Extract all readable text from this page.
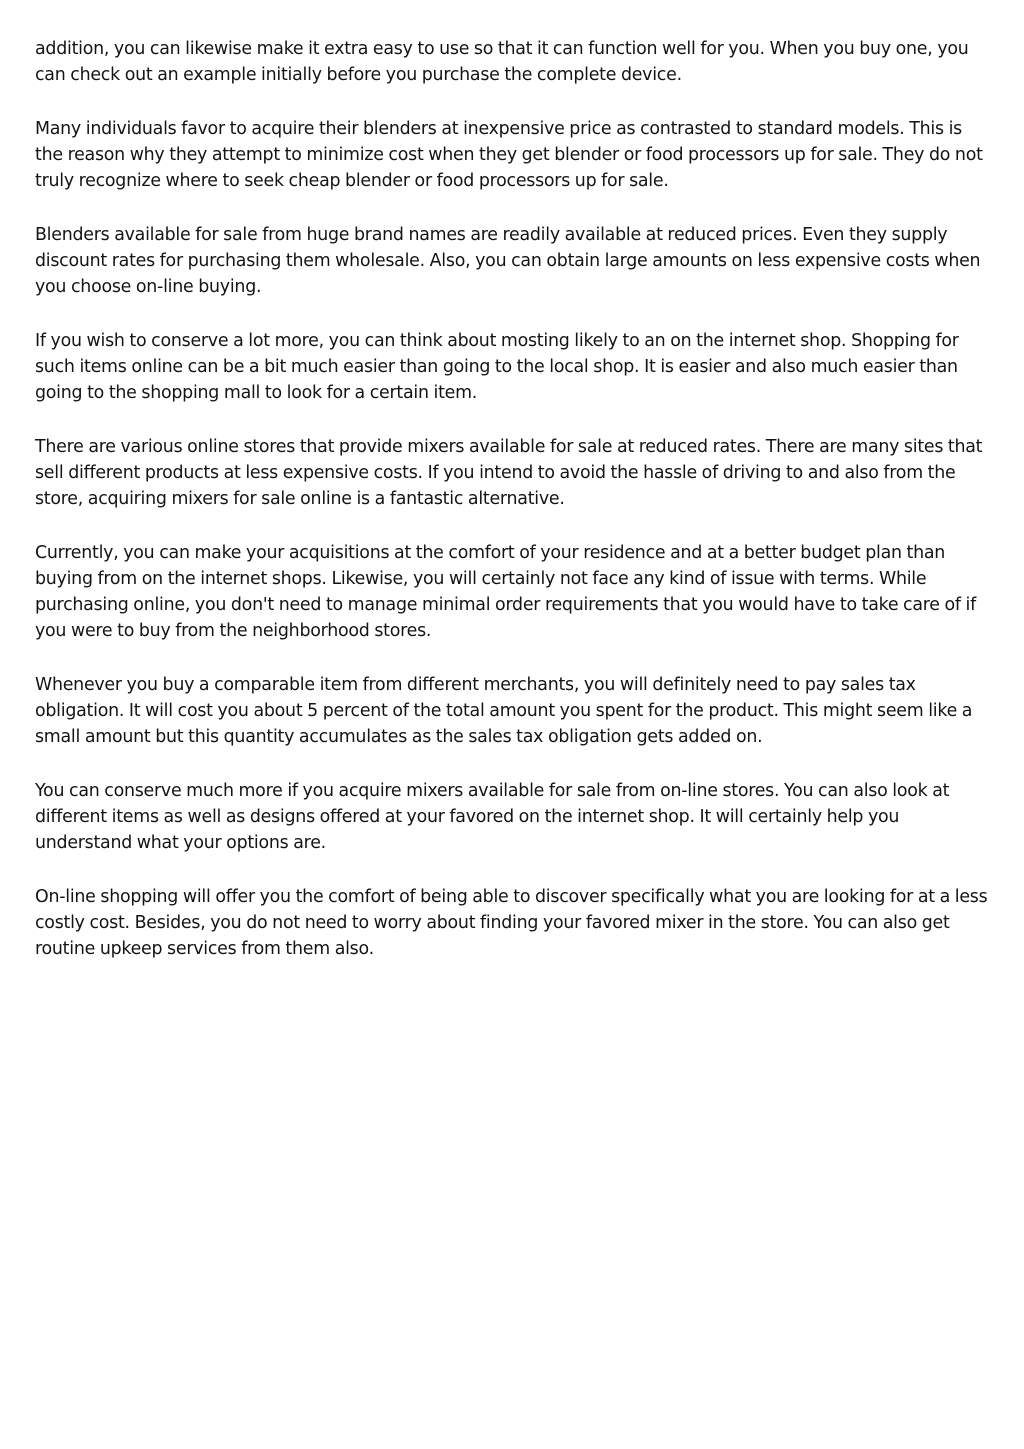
addition, you can likewise make it extra easy to use so that it can function well for you. When you buy one, you can check out an example initially before you purchase the complete device.

Many individuals favor to acquire their blenders at inexpensive price as contrasted to standard models. This is the reason why they attempt to minimize cost when they get blender or food processors up for sale. They do not truly recognize where to seek cheap blender or food processors up for sale.

Blenders available for sale from huge brand names are readily available at reduced prices. Even they supply discount rates for purchasing them wholesale. Also, you can obtain large amounts on less expensive costs when you choose on-line buying.

If you wish to conserve a lot more, you can think about mosting likely to an on the internet shop. Shopping for such items online can be a bit much easier than going to the local shop. It is easier and also much easier than going to the shopping mall to look for a certain item.

There are various online stores that provide mixers available for sale at reduced rates. There are many sites that sell different products at less expensive costs. If you intend to avoid the hassle of driving to and also from the store, acquiring mixers for sale online is a fantastic alternative.

Currently, you can make your acquisitions at the comfort of your residence and at a better budget plan than buying from on the internet shops. Likewise, you will certainly not face any kind of issue with terms. While purchasing online, you don't need to manage minimal order requirements that you would have to take care of if you were to buy from the neighborhood stores.

Whenever you buy a comparable item from different merchants, you will definitely need to pay sales tax obligation. It will cost you about 5 percent of the total amount you spent for the product. This might seem like a small amount but this quantity accumulates as the sales tax obligation gets added on.

You can conserve much more if you acquire mixers available for sale from on-line stores. You can also look at different items as well as designs offered at your favored on the internet shop. It will certainly help you understand what your options are.

On-line shopping will offer you the comfort of being able to discover specifically what you are looking for at a less costly cost. Besides, you do not need to worry about finding your favored mixer in the store. You can also get routine upkeep services from them also.
